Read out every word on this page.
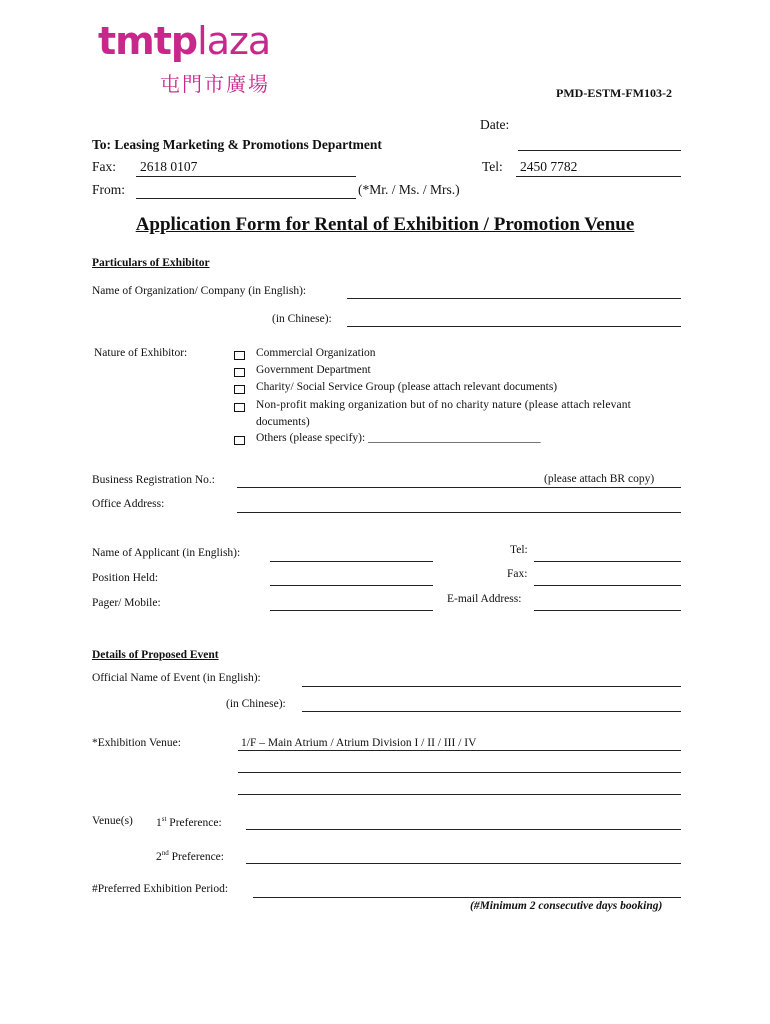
tmtplaza
屯門市廣場	PMD-ESTM-FM103-2
Date:
To: Leasing Marketing & Promotions Department
Fax: 2618 0107	Tel: 2450 7782
From:	(*Mr. / Ms. / Mrs.)
Application Form for Rental of Exhibition / Promotion Venue
Particulars of Exhibitor
Name of Organization/ Company (in English):
(in Chinese):
Nature of Exhibitor:	Commercial Organization
Government Department
Charity/ Social Service Group (please attach relevant documents)
Non-profit making organization but of no charity nature (please attach relevant
documents)
Others (please specify): ______________________________
Business Registration No.:	(please attach BR copy)
Office Address:
Name of Applicant (in English):	Tel:
Position Held:	Fax:
Pager/ Mobile:	E-mail Address:
Details of Proposed Event
Official Name of Event (in English):
(in Chinese):
*Exhibition Venue:	1/F – Main Atrium / Atrium Division I / II / III / IV
Venue(s) 1st Preference:
2nd Preference:
#Preferred Exhibition Period:
(#Minimum 2 consecutive days booking)
